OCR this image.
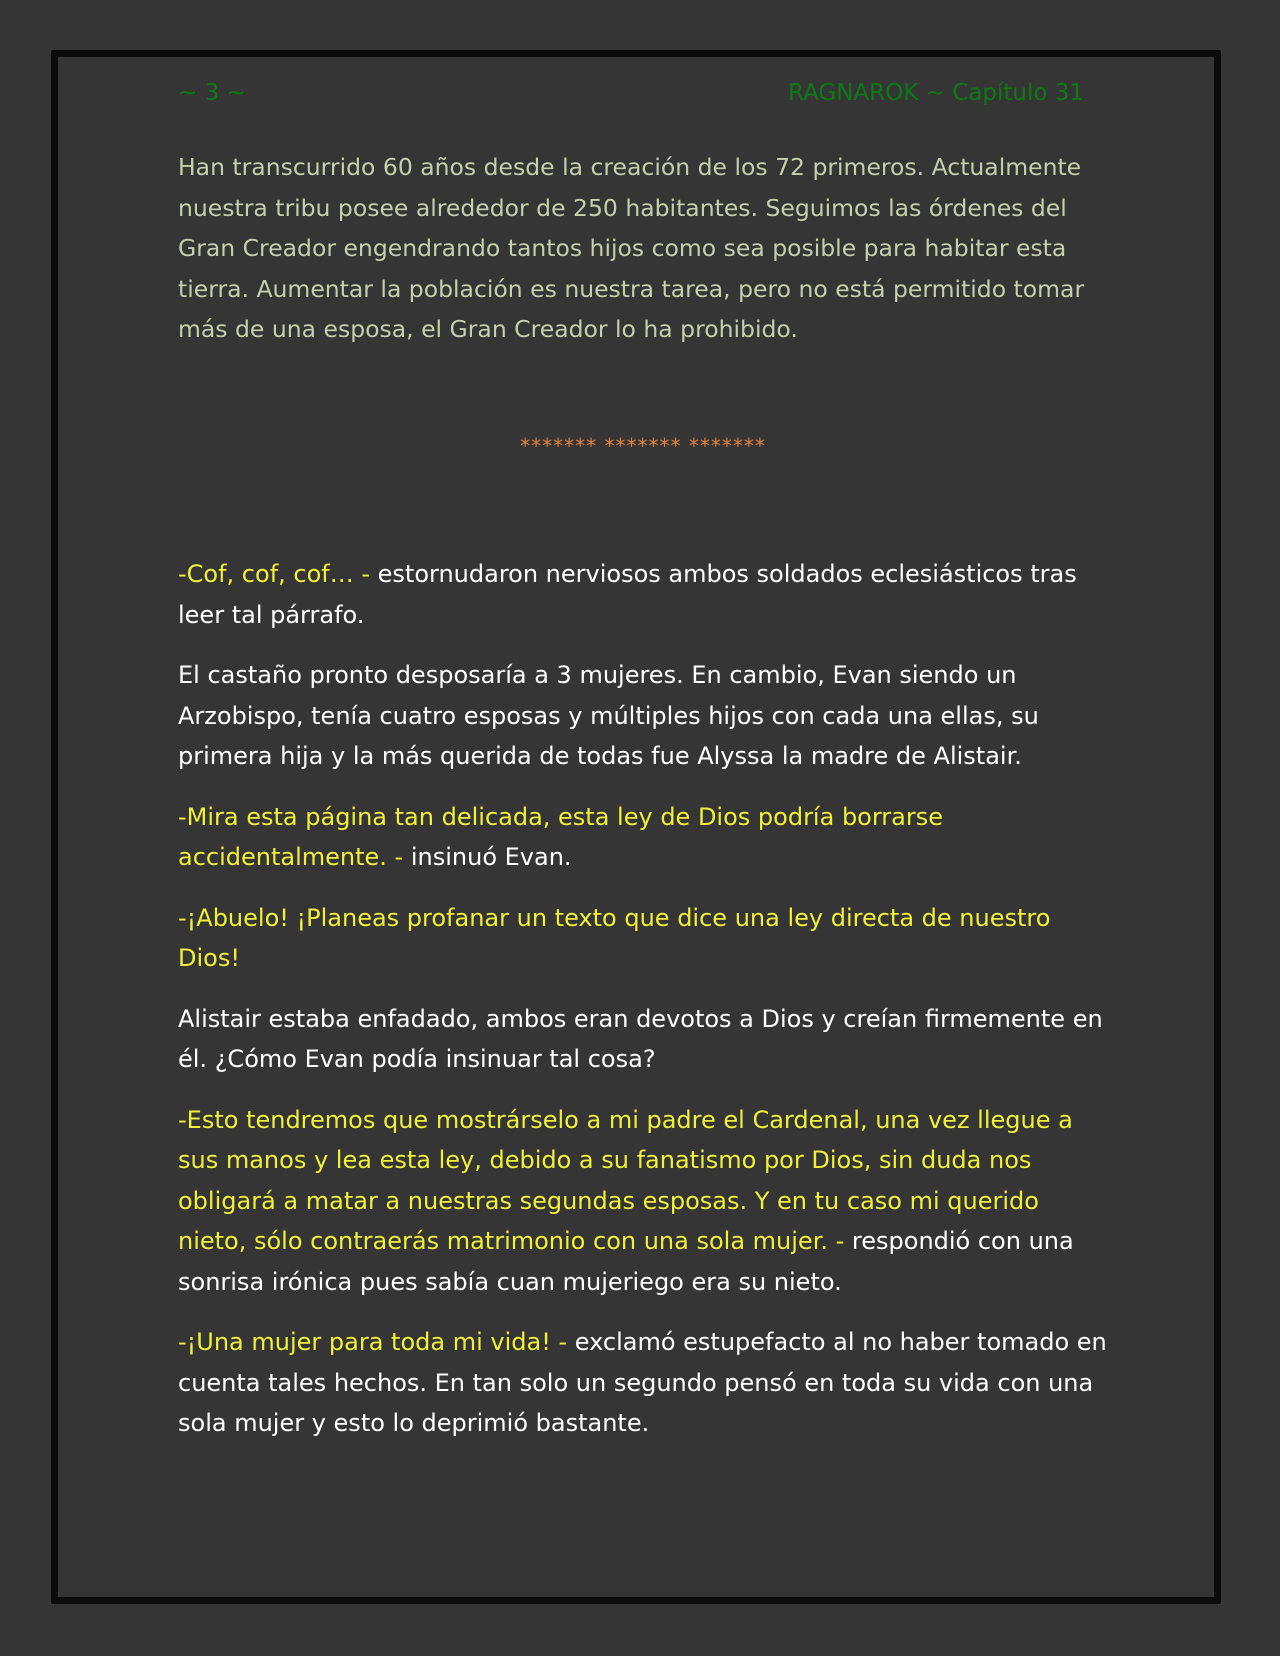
~ 3 ~	RAGNAROK ~ Capítulo 31

Han transcurrido 60 años desde la creación de los 72 primeros. Actualmente nuestra tribu posee alrededor de 250 habitantes. Seguimos las órdenes del Gran Creador engendrando tantos hijos como sea posible para habitar esta tierra. Aumentar la población es nuestra tarea, pero no está permitido tomar más de una esposa, el Gran Creador lo ha prohibido.

******* ******* *******

-Cof, cof, cof… - estornudaron nerviosos ambos soldados eclesiásticos tras leer tal párrafo.

El castaño pronto desposaría a 3 mujeres. En cambio, Evan siendo un Arzobispo, tenía cuatro esposas y múltiples hijos con cada una ellas, su primera hija y la más querida de todas fue Alyssa la madre de Alistair.

-Mira esta página tan delicada, esta ley de Dios podría borrarse accidentalmente. - insinuó Evan.

-¡Abuelo! ¡Planeas profanar un texto que dice una ley directa de nuestro Dios!

Alistair estaba enfadado, ambos eran devotos a Dios y creían firmemente en él. ¿Cómo Evan podía insinuar tal cosa?

-Esto tendremos que mostrárselo a mi padre el Cardenal, una vez llegue a sus manos y lea esta ley, debido a su fanatismo por Dios, sin duda nos obligará a matar a nuestras segundas esposas. Y en tu caso mi querido nieto, sólo contraerás matrimonio con una sola mujer. - respondió con una sonrisa irónica pues sabía cuan mujeriego era su nieto.

-¡Una mujer para toda mi vida! - exclamó estupefacto al no haber tomado en cuenta tales hechos. En tan solo un segundo pensó en toda su vida con una sola mujer y esto lo deprimió bastante.
